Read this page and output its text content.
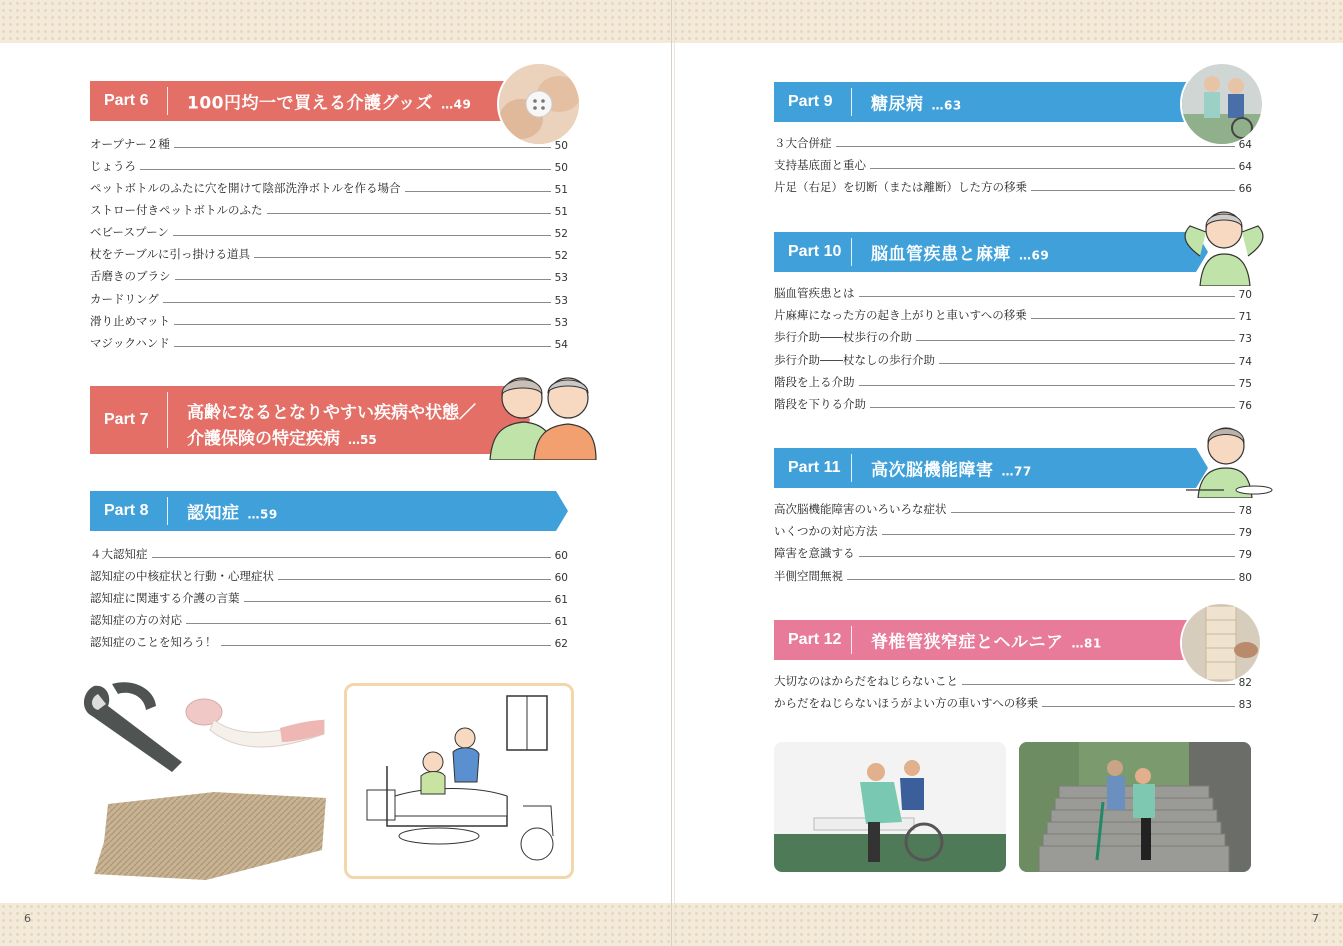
Part 6 100円均一で買える介護グッズ …49
オープナー２種	50
じょうろ	50
ペットボトルのふたに穴を開けて陰部洗浄ボトルを作る場合	51
ストロー付きペットボトルのふた	51
ベビースプーン	52
杖をテーブルに引っ掛ける道具	52
舌磨きのブラシ	53
カードリング	53
滑り止めマット	53
マジックハンド	54
Part 7 高齢になるとなりやすい疾病や状態／
介護保険の特定疾病 …55
Part 8 認知症 …59
４大認知症	60
認知症の中核症状と行動・心理症状	60
認知症に関連する介護の言葉	61
認知症の方の対応	61
認知症のことを知ろう！	62
6
Part 9 糖尿病 …63
３大合併症	64
支持基底面と重心	64
片足（右足）を切断（または離断）した方の移乗	66
Part 10 脳血管疾患と麻痺 …69
脳血管疾患とは	70
片麻痺になった方の起き上がりと車いすへの移乗	71
歩行介助――杖歩行の介助	73
歩行介助――杖なしの歩行介助	74
階段を上る介助	75
階段を下りる介助	76
Part 11 高次脳機能障害 …77
高次脳機能障害のいろいろな症状	78
いくつかの対応方法	79
障害を意識する	79
半側空間無視	80
Part 12 脊椎管狭窄症とヘルニア …81
大切なのはからだをねじらないこと	82
からだをねじらないほうがよい方の車いすへの移乗	83
7
